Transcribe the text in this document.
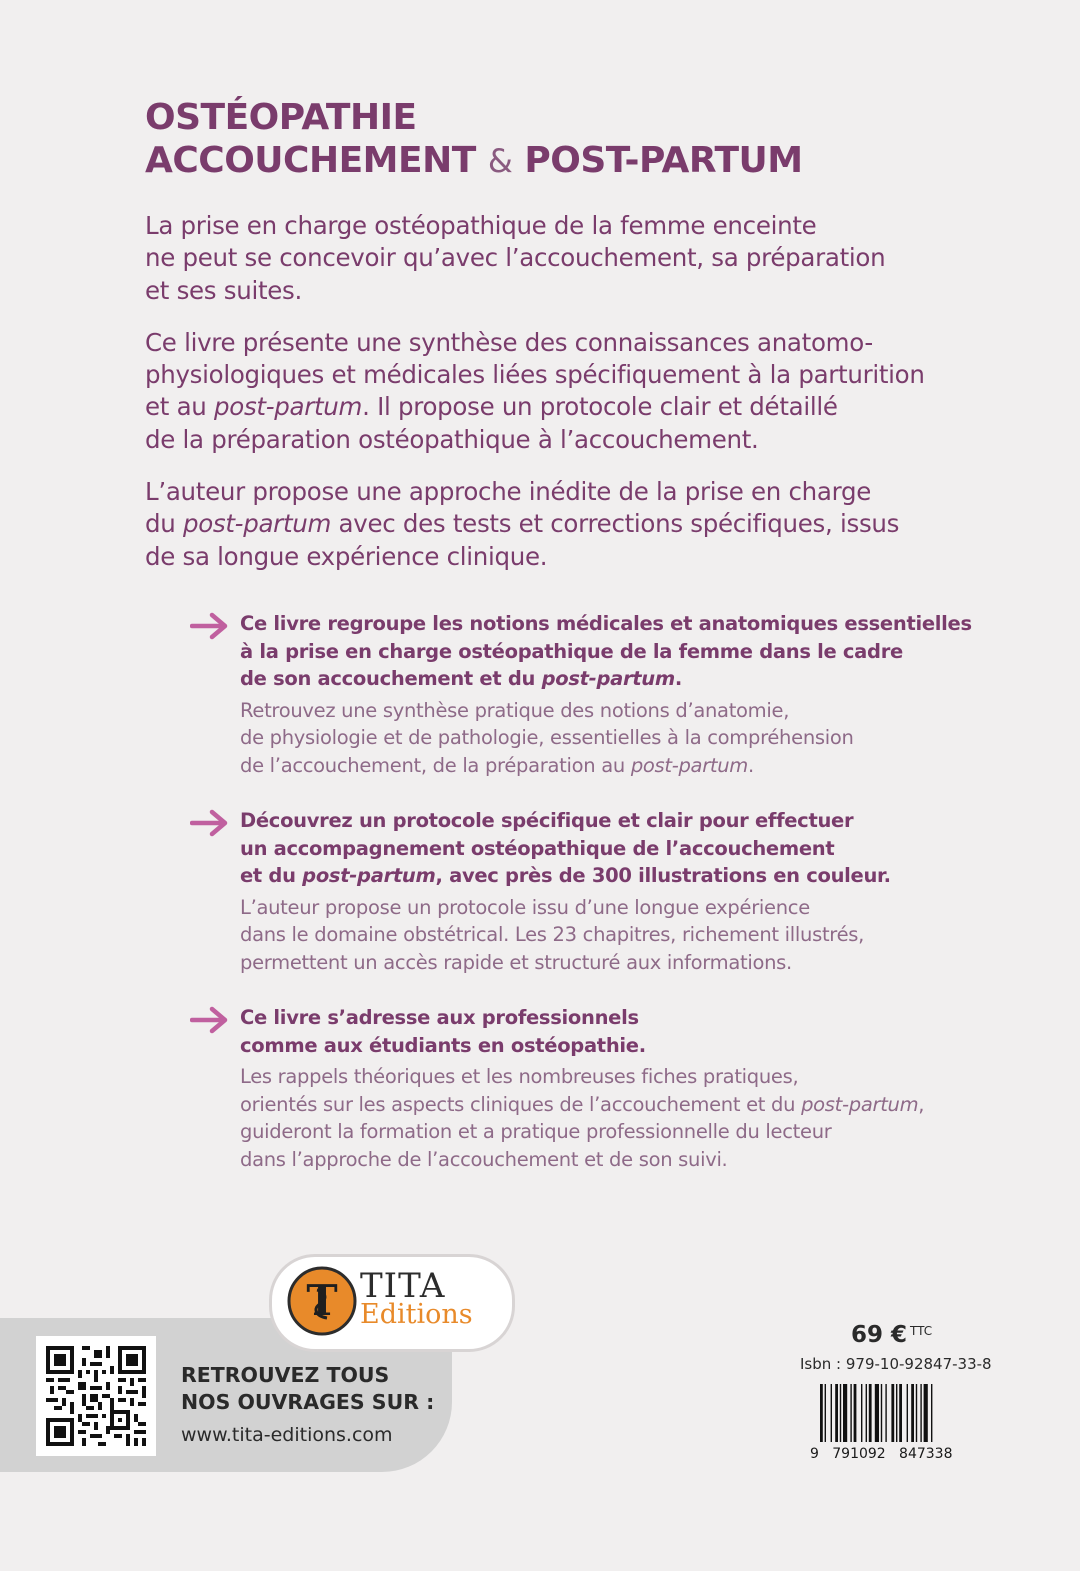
OSTÉOPATHIE
ACCOUCHEMENT & POST-PARTUM

La prise en charge ostéopathique de la femme enceinte
ne peut se concevoir qu’avec l’accouchement, sa préparation
et ses suites.

Ce livre présente une synthèse des connaissances anatomo-
physiologiques et médicales liées spécifiquement à la parturition
et au post-partum. Il propose un protocole clair et détaillé
de la préparation ostéopathique à l’accouchement.

L’auteur propose une approche inédite de la prise en charge
du post-partum avec des tests et corrections spécifiques, issus
de sa longue expérience clinique.

Ce livre regroupe les notions médicales et anatomiques essentielles
à la prise en charge ostéopathique de la femme dans le cadre
de son accouchement et du post-partum.

Retrouvez une synthèse pratique des notions d’anatomie,
de physiologie et de pathologie, essentielles à la compréhension
de l’accouchement, de la préparation au post-partum.

Découvrez un protocole spécifique et clair pour effectuer
un accompagnement ostéopathique de l’accouchement
et du post-partum, avec près de 300 illustrations en couleur.

L’auteur propose un protocole issu d’une longue expérience
dans le domaine obstétrical. Les 23 chapitres, richement illustrés,
permettent un accès rapide et structuré aux informations.

Ce livre s’adresse aux professionnels
comme aux étudiants en ostéopathie.

Les rappels théoriques et les nombreuses fiches pratiques,
orientés sur les aspects cliniques de l’accouchement et du post-partum,
guideront la formation et a pratique professionnelle du lecteur
dans l’approche de l’accouchement et de son suivi.

RETROUVEZ TOUS
NOS OUVRAGES SUR :

www.tita-editions.com
T TITA
Editions
69 € $^{TTC}$
Isbn : 979-10-92847-33-8
9   791092   847338
